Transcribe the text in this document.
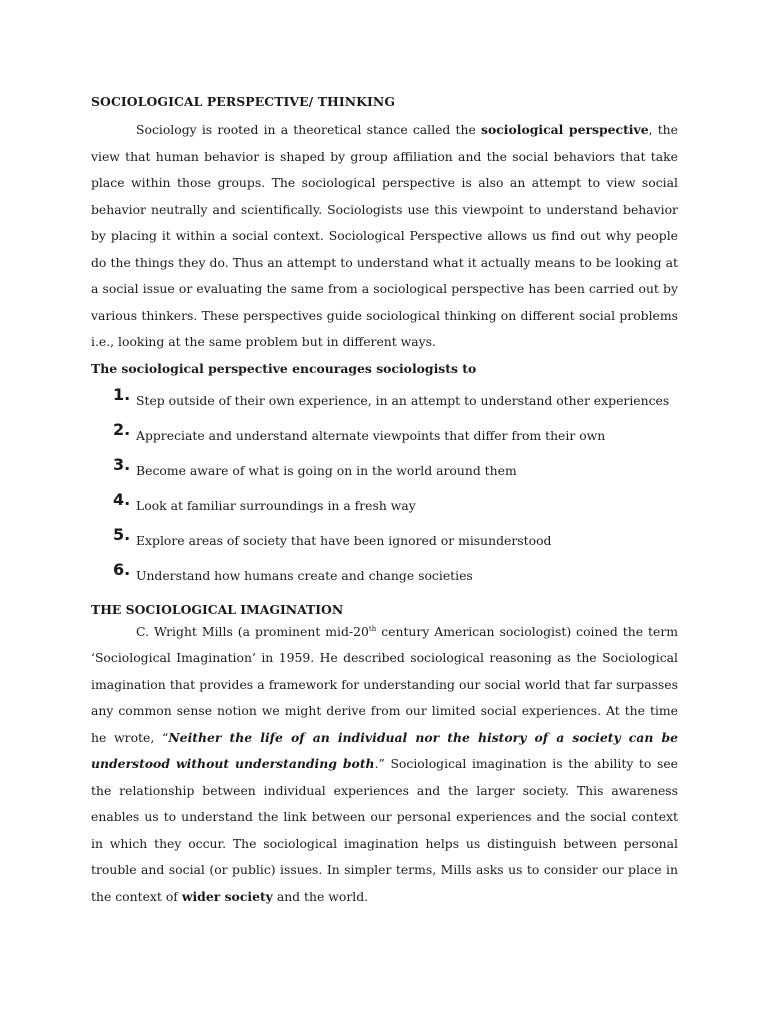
SOCIOLOGICAL PERSPECTIVE/ THINKING

Sociology is rooted in a theoretical stance called the sociological perspective, the view that human behavior is shaped by group affiliation and the social behaviors that take place within those groups. The sociological perspective is also an attempt to view social behavior neutrally and scientifically. Sociologists use this viewpoint to understand behavior by placing it within a social context. Sociological Perspective allows us find out why people do the things they do. Thus an attempt to understand what it actually means to be looking at a social issue or evaluating the same from a sociological perspective has been carried out by various thinkers. These perspectives guide sociological thinking on different social problems i.e., looking at the same problem but in different ways.

The sociological perspective encourages sociologists to
1. Step outside of their own experience, in an attempt to understand other experiences
2. Appreciate and understand alternate viewpoints that differ from their own
3. Become aware of what is going on in the world around them
4. Look at familiar surroundings in a fresh way
5. Explore areas of society that have been ignored or misunderstood
6. Understand how humans create and change societies
THE SOCIOLOGICAL IMAGINATION

C. Wright Mills (a prominent mid-20th century American sociologist) coined the term ‘Sociological Imagination’ in 1959. He described sociological reasoning as the Sociological imagination that provides a framework for understanding our social world that far surpasses any common sense notion we might derive from our limited social experiences. At the time he wrote, “Neither the life of an individual nor the history of a society can be understood without understanding both.” Sociological imagination is the ability to see the relationship between individual experiences and the larger society. This awareness enables us to understand the link between our personal experiences and the social context in which they occur. The sociological imagination helps us distinguish between personal trouble and social (or public) issues. In simpler terms, Mills asks us to consider our place in the context of wider society and the world.
